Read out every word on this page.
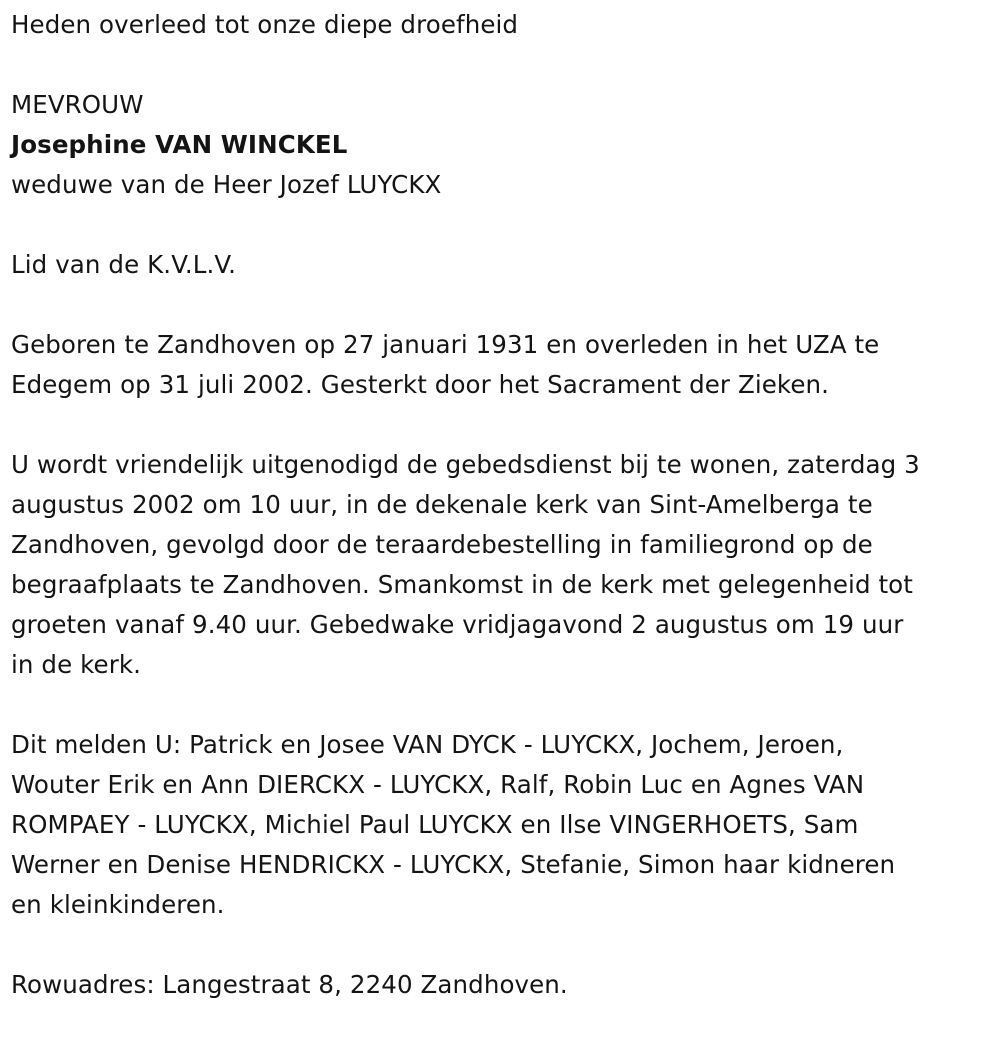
Heden overleed tot onze diepe droefheid
MEVROUW
Josephine VAN WINCKEL
weduwe van de Heer Jozef LUYCKX
Lid van de K.V.L.V.
Geboren te Zandhoven op 27 januari 1931 en overleden in het UZA te
Edegem op 31 juli 2002. Gesterkt door het Sacrament der Zieken.
U wordt vriendelijk uitgenodigd de gebedsdienst bij te wonen, zaterdag 3
augustus 2002 om 10 uur, in de dekenale kerk van Sint-Amelberga te
Zandhoven, gevolgd door de teraardebestelling in familiegrond op de
begraafplaats te Zandhoven. Smankomst in de kerk met gelegenheid tot
groeten vanaf 9.40 uur. Gebedwake vridjagavond 2 augustus om 19 uur
in de kerk.
Dit melden U: Patrick en Josee VAN DYCK - LUYCKX, Jochem, Jeroen,
Wouter Erik en Ann DIERCKX - LUYCKX, Ralf, Robin Luc en Agnes VAN
ROMPAEY - LUYCKX, Michiel Paul LUYCKX en Ilse VINGERHOETS, Sam
Werner en Denise HENDRICKX - LUYCKX, Stefanie, Simon haar kidneren
en kleinkinderen.
Rowuadres: Langestraat 8, 2240 Zandhoven.
